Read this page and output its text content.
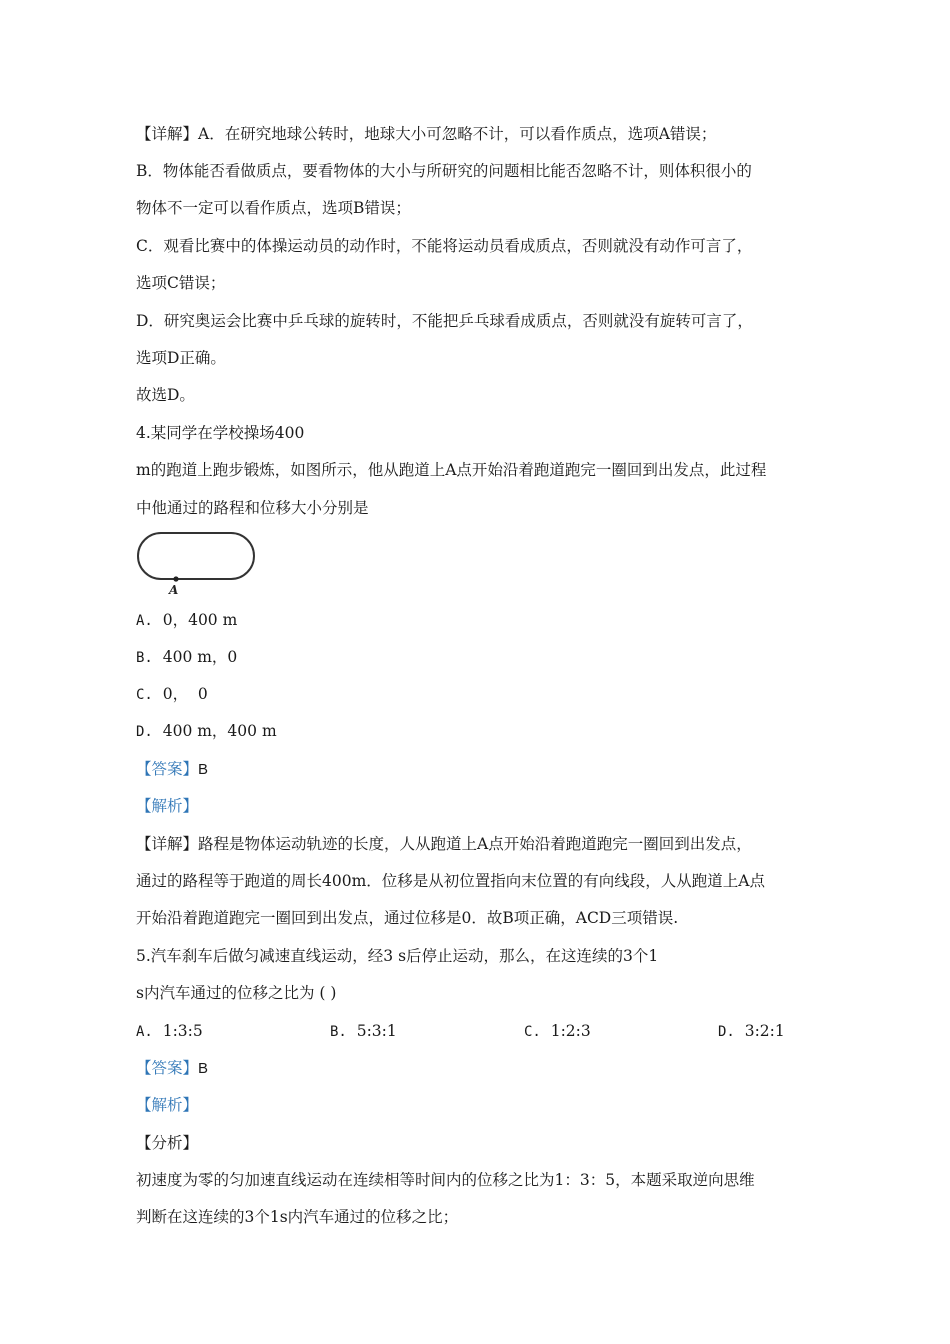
【详解】A．在研究地球公转时，地球大小可忽略不计，可以看作质点，选项A错误；
B．物体能否看做质点，要看物体的大小与所研究的问题相比能否忽略不计，则体积很小的
物体不一定可以看作质点，选项B错误；
C．观看比赛中的体操运动员的动作时，不能将运动员看成质点，否则就没有动作可言了，
选项C错误；
D．研究奥运会比赛中乒乓球的旋转时，不能把乒乓球看成质点，否则就没有旋转可言了，
选项D正确。
故选D。
4.某同学在学校操场400
m的跑道上跑步锻炼，如图所示，他从跑道上A点开始沿着跑道跑完一圈回到出发点，此过程
中他通过的路程和位移大小分别是
A
A. 0，400 m
B. 400 m，0
C. 0，  0
D. 400 m，400 m
【答案】B
【解析】
【详解】路程是物体运动轨迹的长度，人从跑道上A点开始沿着跑道跑完一圈回到出发点，
通过的路程等于跑道的周长400m．位移是从初位置指向末位置的有向线段，人从跑道上A点
开始沿着跑道跑完一圈回到出发点，通过位移是0．故B项正确，ACD三项错误.
5.汽车刹车后做匀减速直线运动，经3 s后停止运动，那么，在这连续的3个1
s内汽车通过的位移之比为 ( )
A. 1:3:5	B. 5:3:1	C. 1:2:3	D. 3:2:1
【答案】B
【解析】
【分析】
初速度为零的匀加速直线运动在连续相等时间内的位移之比为1：3：5，本题采取逆向思维
判断在这连续的3个1s内汽车通过的位移之比；
